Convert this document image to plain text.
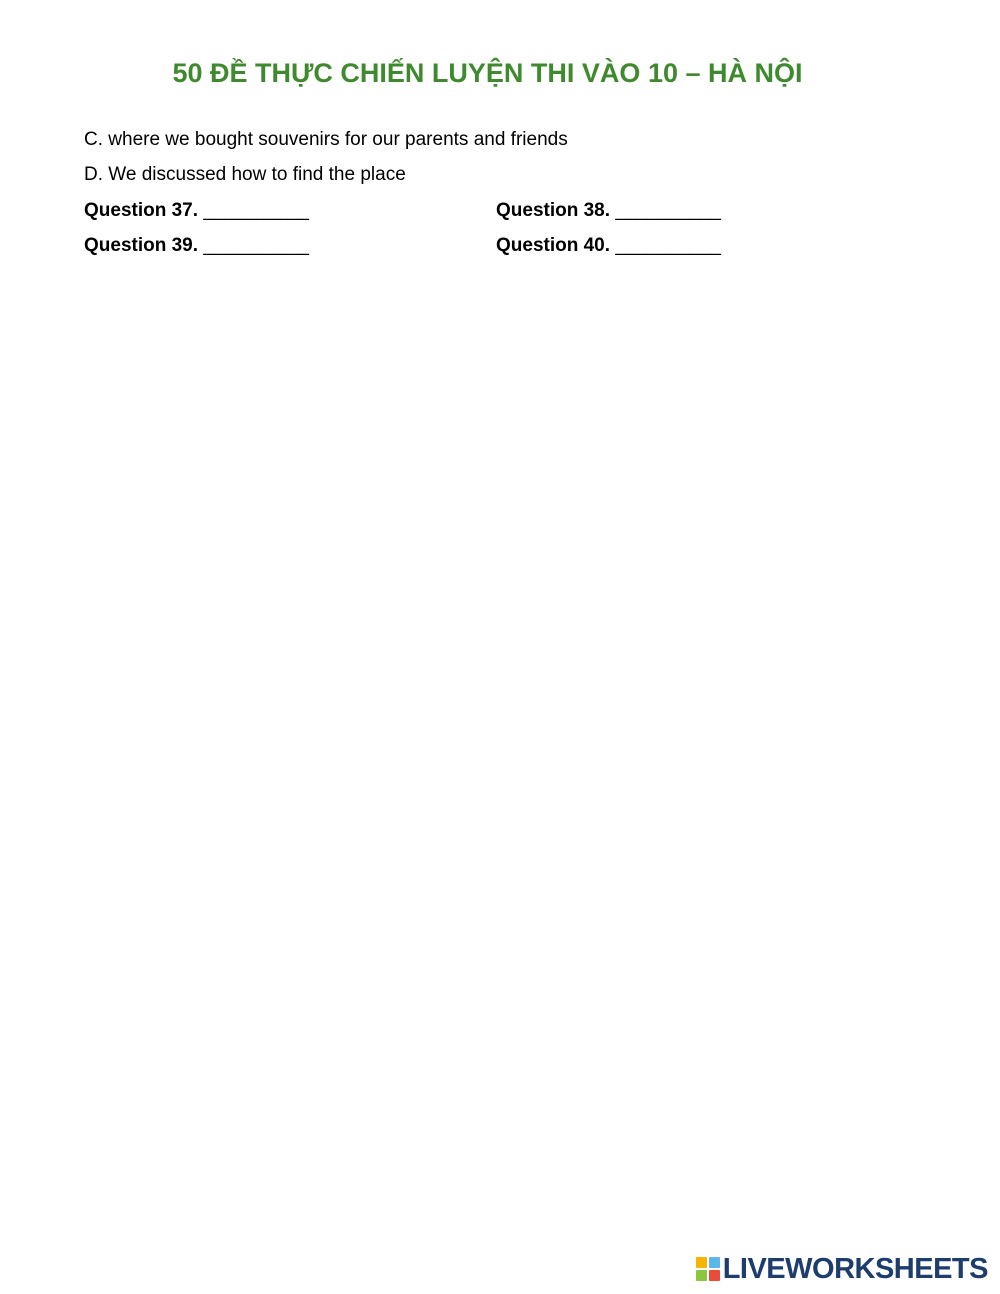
50 ĐỀ THỰC CHIẾN LUYỆN THI VÀO 10 – HÀ NỘI
C. where we bought souvenirs for our parents and friends
D. We discussed how to find the place
Question 37. __________	Question 38. __________
Question 39. __________	Question 40. __________
LIVEWORKSHEETS
